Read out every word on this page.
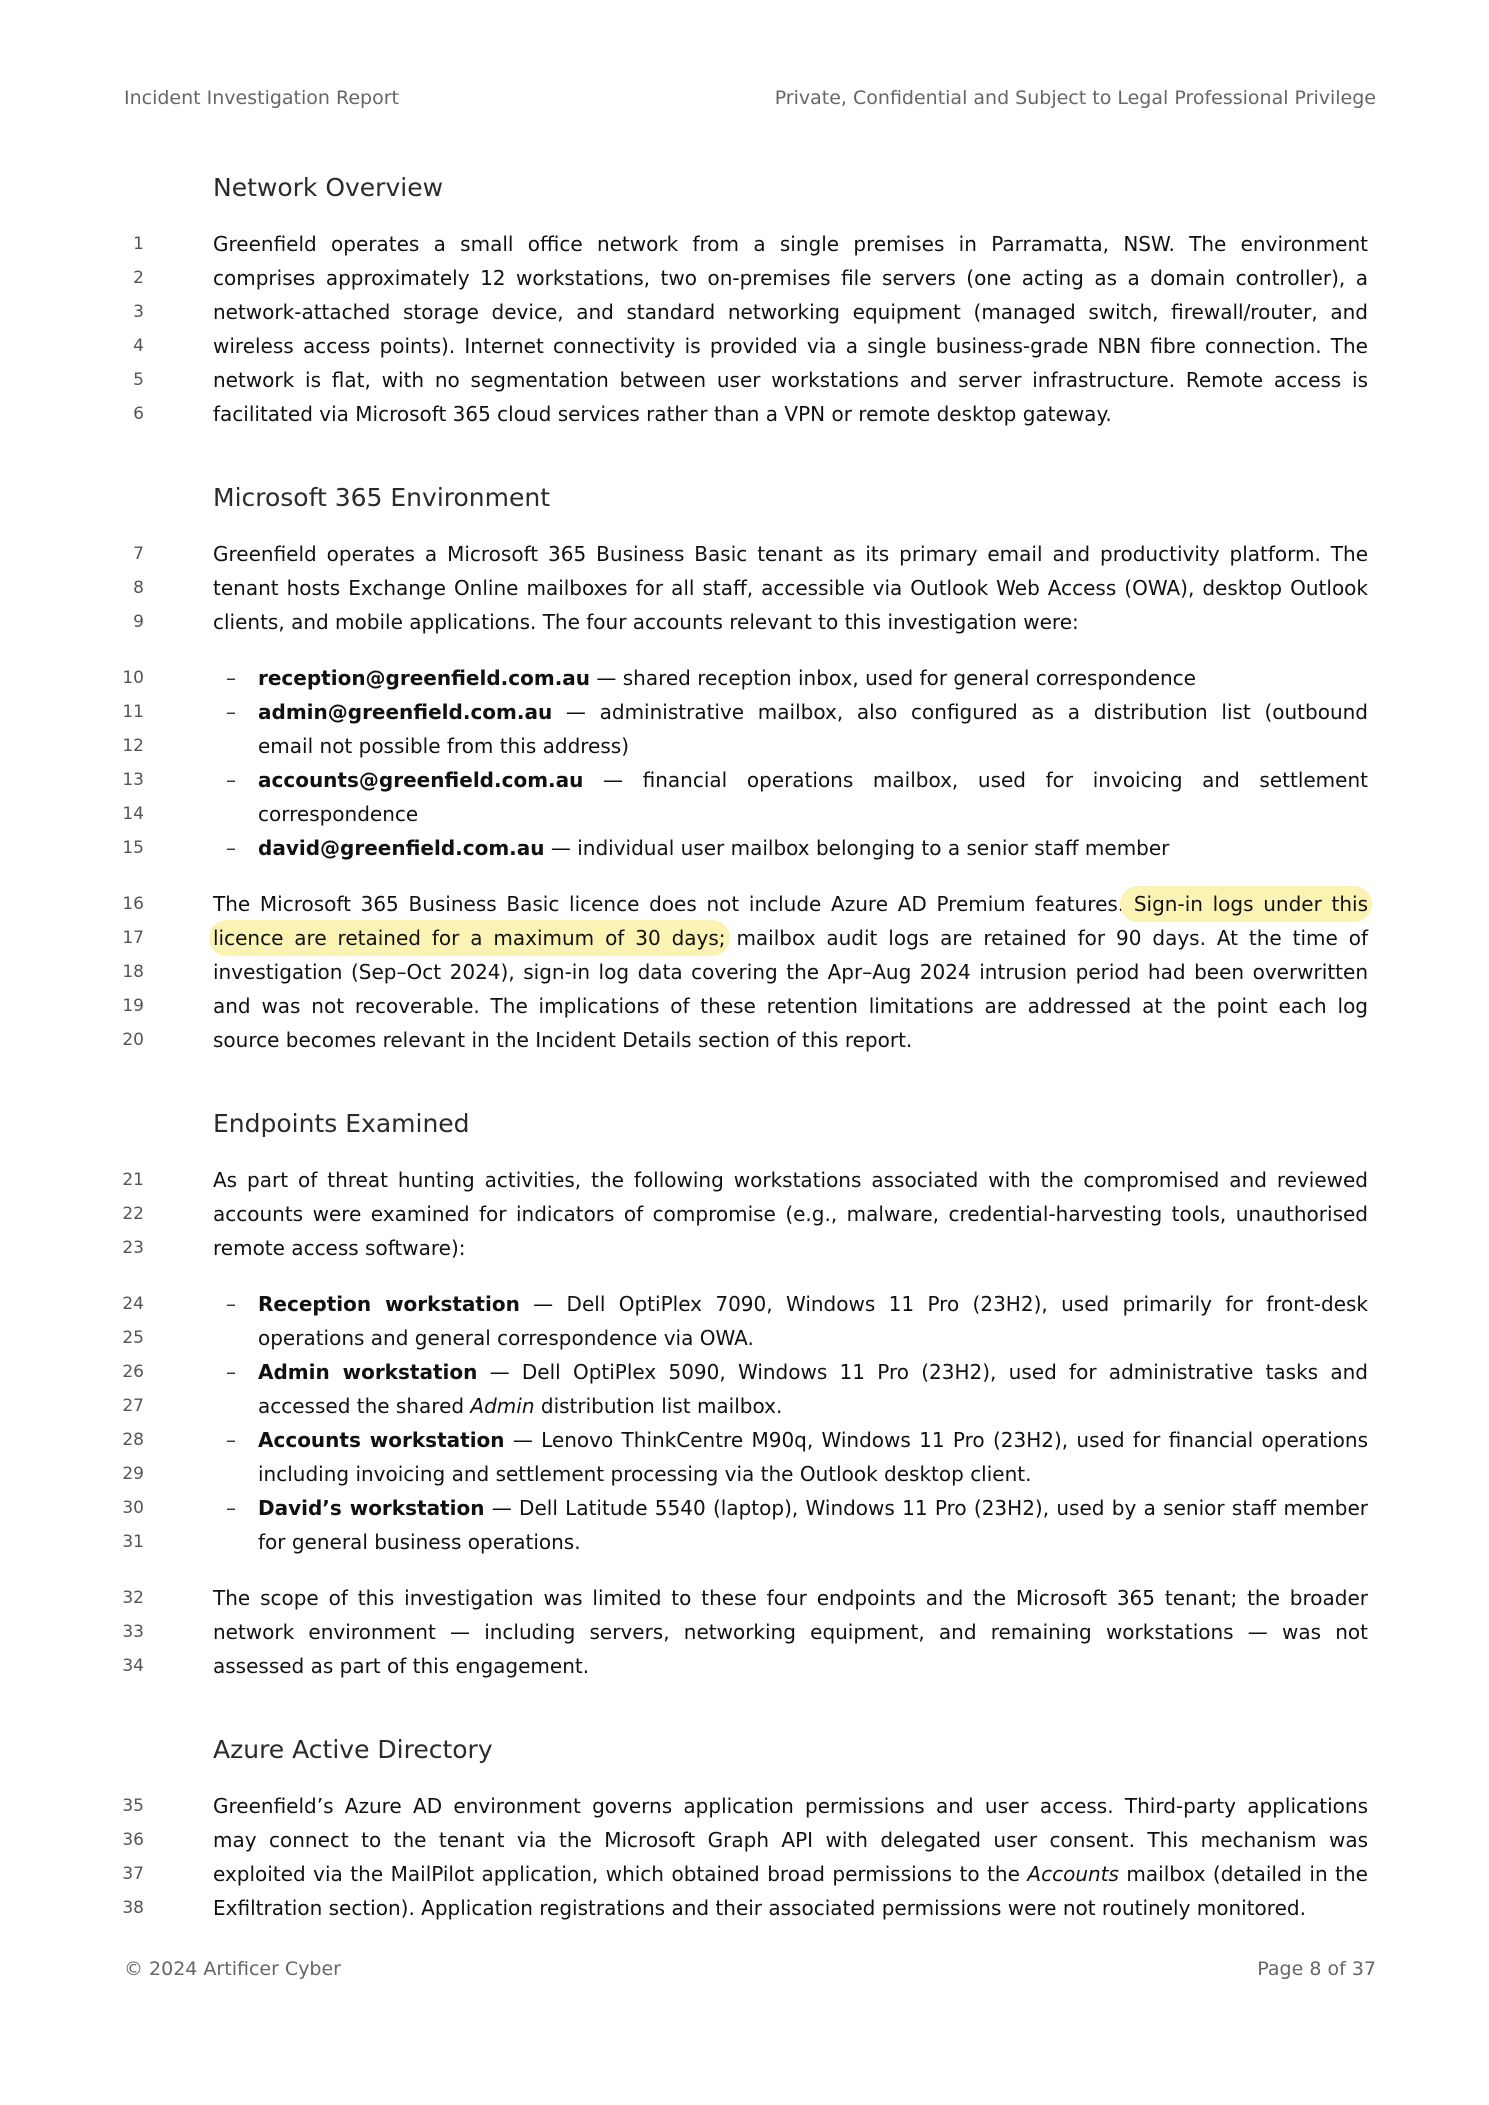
Incident Investigation Report	Private, Confidential and Subject to Legal Professional Privilege
Network Overview
1	Greenfield operates a small office network from a single premises in Parramatta, NSW. The environment
2	comprises approximately 12 workstations, two on-premises file servers (one acting as a domain controller), a
3	network-attached storage device, and standard networking equipment (managed switch, firewall/router, and
4	wireless access points). Internet connectivity is provided via a single business-grade NBN fibre connection. The
5	network is flat, with no segmentation between user workstations and server infrastructure. Remote access is
6	facilitated via Microsoft 365 cloud services rather than a VPN or remote desktop gateway.
Microsoft 365 Environment
7	Greenfield operates a Microsoft 365 Business Basic tenant as its primary email and productivity platform. The
8	tenant hosts Exchange Online mailboxes for all staff, accessible via Outlook Web Access (OWA), desktop Outlook
9	clients, and mobile applications. The four accounts relevant to this investigation were:
10	– reception@greenfield.com.au — shared reception inbox, used for general correspondence
11	– admin@greenfield.com.au — administrative mailbox, also configured as a distribution list (outbound
12	email not possible from this address)
13	– accounts@greenfield.com.au — financial operations mailbox, used for invoicing and settlement
14	correspondence
15	– david@greenfield.com.au — individual user mailbox belonging to a senior staff member
16	The Microsoft 365 Business Basic licence does not include Azure AD Premium features. Sign-in logs under this
17	licence are retained for a maximum of 30 days; mailbox audit logs are retained for 90 days. At the time of
18	investigation (Sep–Oct 2024), sign-in log data covering the Apr–Aug 2024 intrusion period had been overwritten
19	and was not recoverable. The implications of these retention limitations are addressed at the point each log
20	source becomes relevant in the Incident Details section of this report.
Endpoints Examined
21	As part of threat hunting activities, the following workstations associated with the compromised and reviewed
22	accounts were examined for indicators of compromise (e.g., malware, credential-harvesting tools, unauthorised
23	remote access software):
24	– Reception workstation — Dell OptiPlex 7090, Windows 11 Pro (23H2), used primarily for front-desk
25	operations and general correspondence via OWA.
26	– Admin workstation — Dell OptiPlex 5090, Windows 11 Pro (23H2), used for administrative tasks and
27	accessed the shared Admin distribution list mailbox.
28	– Accounts workstation — Lenovo ThinkCentre M90q, Windows 11 Pro (23H2), used for financial operations
29	including invoicing and settlement processing via the Outlook desktop client.
30	– David’s workstation — Dell Latitude 5540 (laptop), Windows 11 Pro (23H2), used by a senior staff member
31	for general business operations.
32	The scope of this investigation was limited to these four endpoints and the Microsoft 365 tenant; the broader
33	network environment — including servers, networking equipment, and remaining workstations — was not
34	assessed as part of this engagement.
Azure Active Directory
35	Greenfield’s Azure AD environment governs application permissions and user access. Third-party applications
36	may connect to the tenant via the Microsoft Graph API with delegated user consent. This mechanism was
37	exploited via the MailPilot application, which obtained broad permissions to the Accounts mailbox (detailed in the
38	Exfiltration section). Application registrations and their associated permissions were not routinely monitored.
© 2024 Artificer Cyber	Page 8 of 37
